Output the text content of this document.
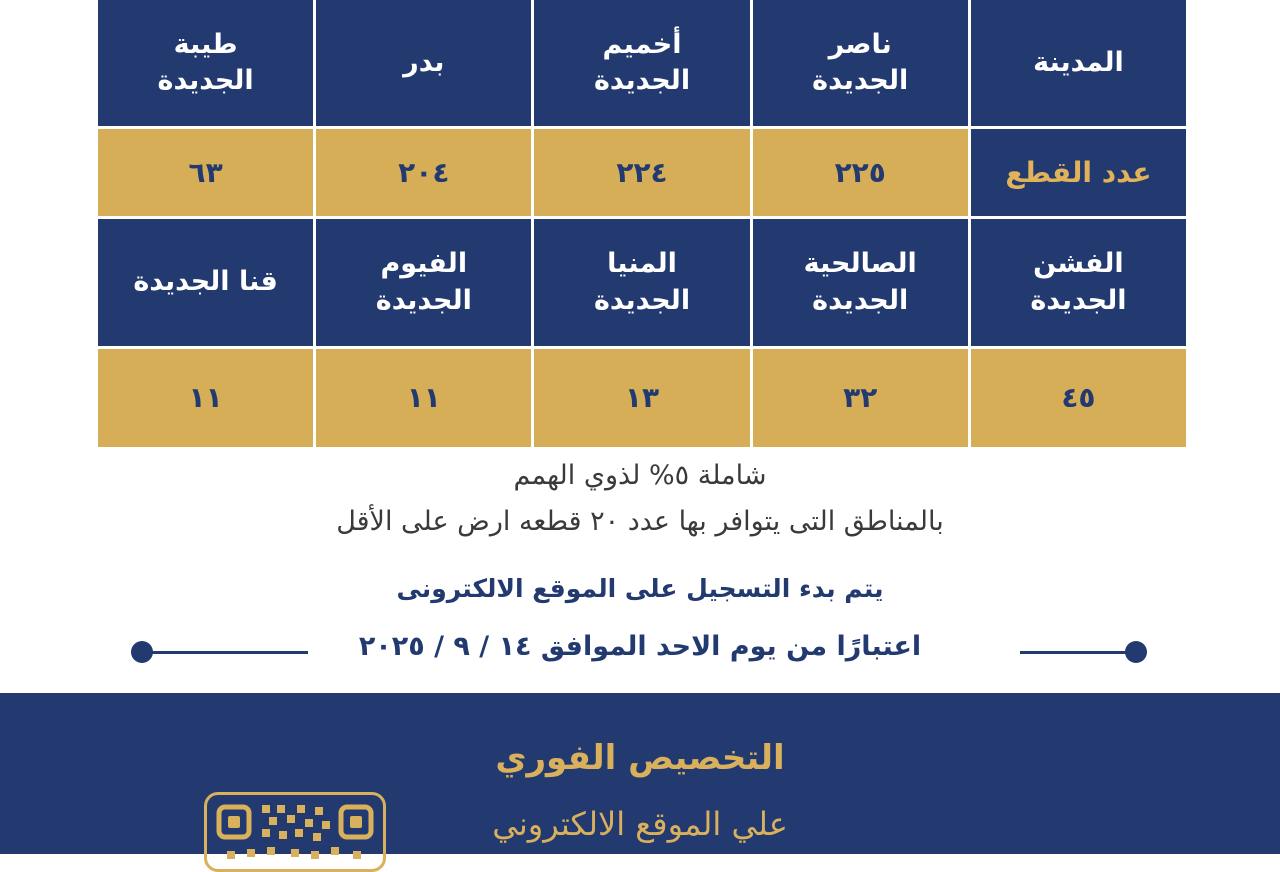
المدينة
ناصر
الجديدة
أخميم
الجديدة
بدر
طيبة
الجديدة
عدد القطع
٢٢٥
٢٢٤
٢٠٤
٦٣
الفشن
الجديدة
الصالحية
الجديدة
المنيا
الجديدة
الفيوم
الجديدة
قنا الجديدة
٤٥
٣٢
١٣
١١
١١
شاملة ٥% لذوي الهمم
بالمناطق التى يتوافر بها عدد ٢٠ قطعه ارض على الأقل
يتم بدء التسجيل على الموقع الالكترونى
اعتبارًا من يوم الاحد الموافق ١٤ / ٩ / ٢٠٢٥
التخصيص الفوري
علي الموقع الالكتروني
